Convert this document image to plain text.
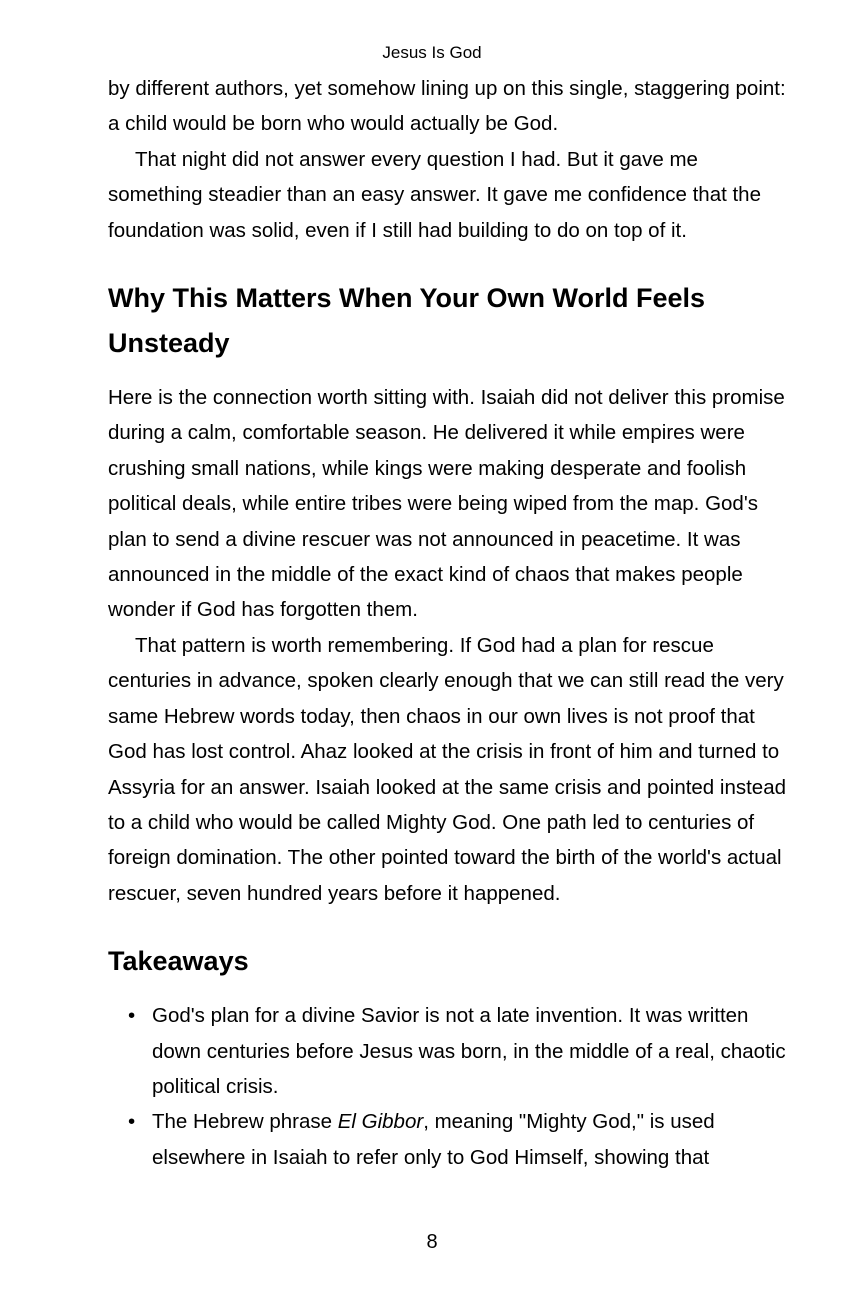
Jesus Is God

by different authors, yet somehow lining up on this single, staggering point: a child would be born who would actually be God.

That night did not answer every question I had. But it gave me something steadier than an easy answer. It gave me confidence that the foundation was solid, even if I still had building to do on top of it.

Why This Matters When Your Own World Feels Unsteady

Here is the connection worth sitting with. Isaiah did not deliver this promise during a calm, comfortable season. He delivered it while empires were crushing small nations, while kings were making desperate and foolish political deals, while entire tribes were being wiped from the map. God's plan to send a divine rescuer was not announced in peacetime. It was announced in the middle of the exact kind of chaos that makes people wonder if God has forgotten them.

That pattern is worth remembering. If God had a plan for rescue centuries in advance, spoken clearly enough that we can still read the very same Hebrew words today, then chaos in our own lives is not proof that God has lost control. Ahaz looked at the crisis in front of him and turned to Assyria for an answer. Isaiah looked at the same crisis and pointed instead to a child who would be called Mighty God. One path led to centuries of foreign domination. The other pointed toward the birth of the world's actual rescuer, seven hundred years before it happened.

Takeaways
• God's plan for a divine Savior is not a late invention. It was written down centuries before Jesus was born, in the middle of a real, chaotic political crisis.
• The Hebrew phrase El Gibbor, meaning "Mighty God," is used elsewhere in Isaiah to refer only to God Himself, showing that
8
